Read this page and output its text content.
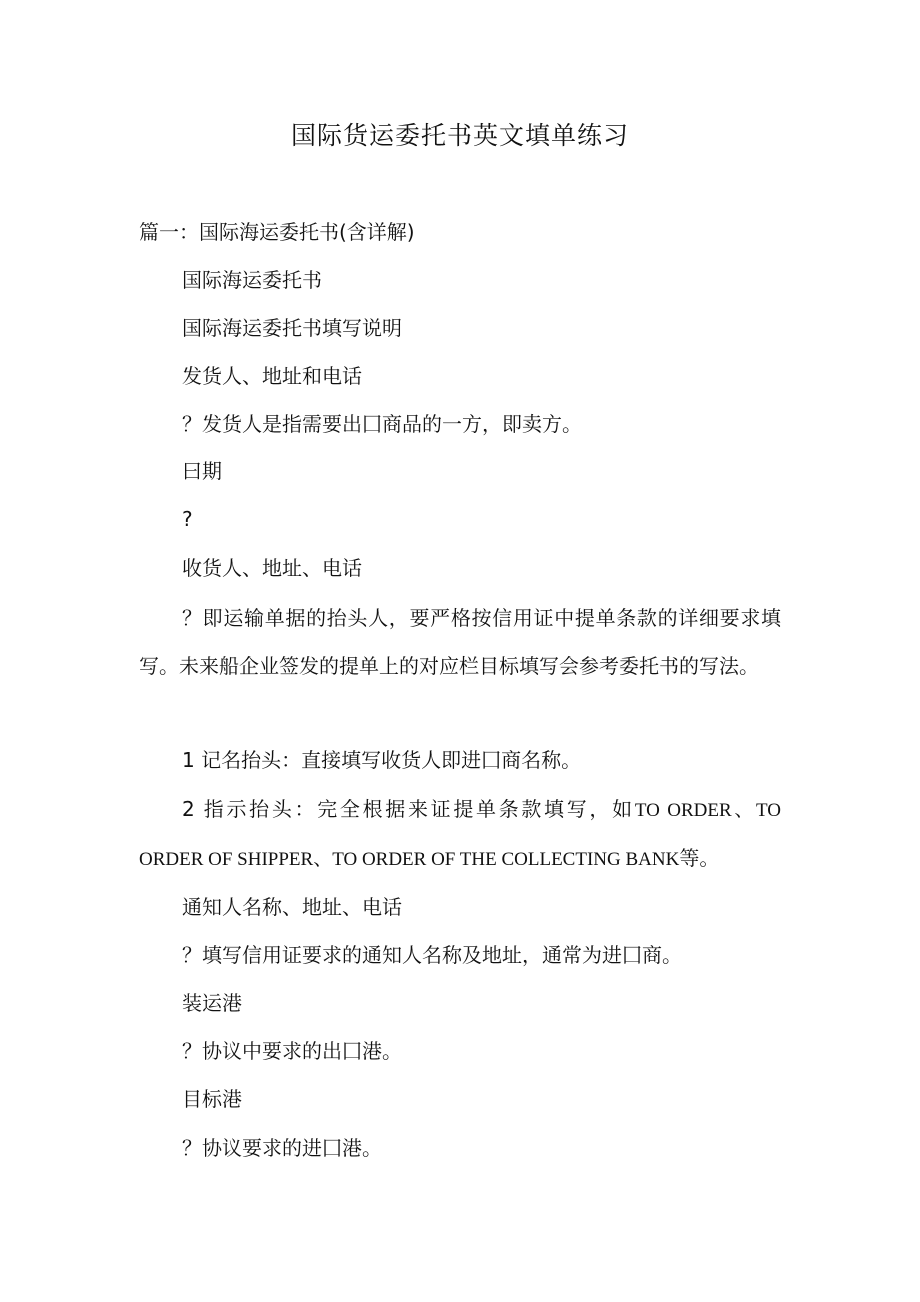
国际货运委托书英文填单练习
篇一：国际海运委托书(含详解)
国际海运委托书
国际海运委托书填写说明
发货人、地址和电话
？发货人是指需要出囗商品的一方，即卖方。
曰期
?
收货人、地址、电话
？即运输单据的抬头人，要严格按信用证中提单条款的详细要求填写。未来船企业签发的提单上的对应栏目标填写会参考委托书的写法。
1 记名抬头：直接填写收货人即进囗商名称。
2 指示抬头：完全根据来证提单条款填写，如TO ORDER、TO ORDER OF SHIPPER、TO ORDER OF THE COLLECTING BANK等。
通知人名称、地址、电话
？填写信用证要求的通知人名称及地址，通常为进囗商。
装运港
？协议中要求的出囗港。
目标港
？协议要求的进囗港。
